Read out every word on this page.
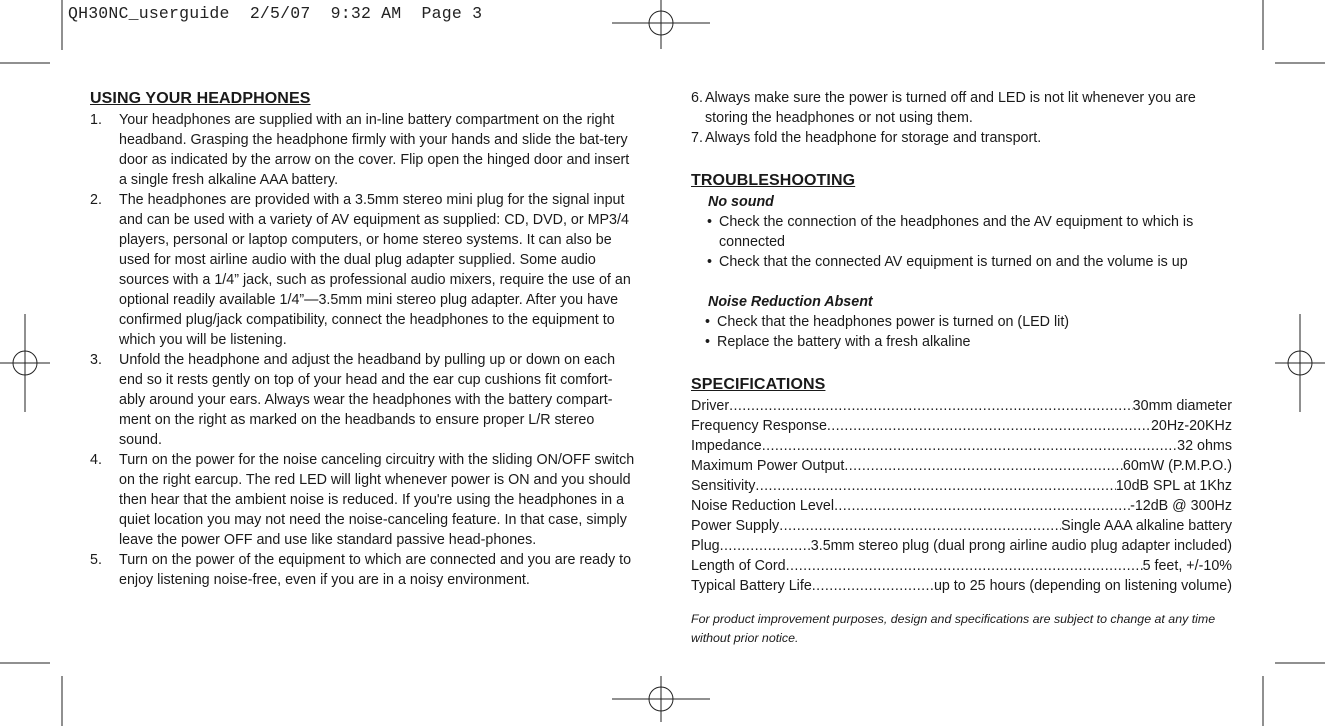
QH30NC_userguide  2/5/07  9:32 AM  Page 3
USING YOUR HEADPHONES
1. Your headphones are supplied with an in-line battery compartment on the right headband. Grasping the headphone firmly with your hands and slide the bat-tery door as indicated by the arrow on the cover. Flip open the hinged door and insert a single fresh alkaline AAA battery.
2. The headphones are provided with a 3.5mm stereo mini plug for the signal input and can be used with a variety of AV equipment as supplied: CD, DVD, or MP3/4 players, personal or laptop computers, or home stereo systems. It can also be used for most airline audio with the dual plug adapter supplied. Some audio sources with a 1/4” jack, such as professional audio mixers, require the use of an optional readily available 1/4”—3.5mm mini stereo plug adapter. After you have confirmed plug/jack compatibility, connect the headphones to the equipment to which you will be listening.
3. Unfold the headphone and adjust the headband by pulling up or down on each end so it rests gently on top of your head and the ear cup cushions fit comfort-ably around your ears. Always wear the headphones with the battery compart-ment on the right as marked on the headbands to ensure proper L/R stereo sound.
4. Turn on the power for the noise canceling circuitry with the sliding ON/OFF switch on the right earcup. The red LED will light whenever power is ON and you should then hear that the ambient noise is reduced. If you're using the headphones in a quiet location you may not need the noise-canceling feature. In that case, simply leave the power OFF and use like standard passive head-phones.
5. Turn on the power of the equipment to which are connected and you are ready to enjoy listening noise-free, even if you are in a noisy environment.
6. Always make sure the power is turned off and LED is not lit whenever you are storing the headphones or not using them.
7. Always fold the headphone for storage and transport.
TROUBLESHOOTING
No sound
• Check the connection of the headphones and the AV equipment to which is connected
• Check that the connected AV equipment is turned on and the volume is up
Noise Reduction Absent
• Check that the headphones power is turned on (LED lit)
• Replace the battery with a fresh alkaline
SPECIFICATIONS
Driver .....	30mm diameter
Frequency Response .....	20Hz-20KHz
Impedance .....	32 ohms
Maximum Power Output .....	60mW (P.M.P.O.)
Sensitivity .....	10dB SPL at 1Khz
Noise Reduction Level .....	-12dB @ 300Hz
Power Supply .....	Single AAA alkaline battery
Plug .....	3.5mm stereo plug (dual prong airline audio plug adapter included)
Length of Cord .....	5 feet, +/-10%
Typical Battery Life .....	up to 25 hours (depending on listening volume)
For product improvement purposes, design and specifications are subject to change at any time without prior notice.
